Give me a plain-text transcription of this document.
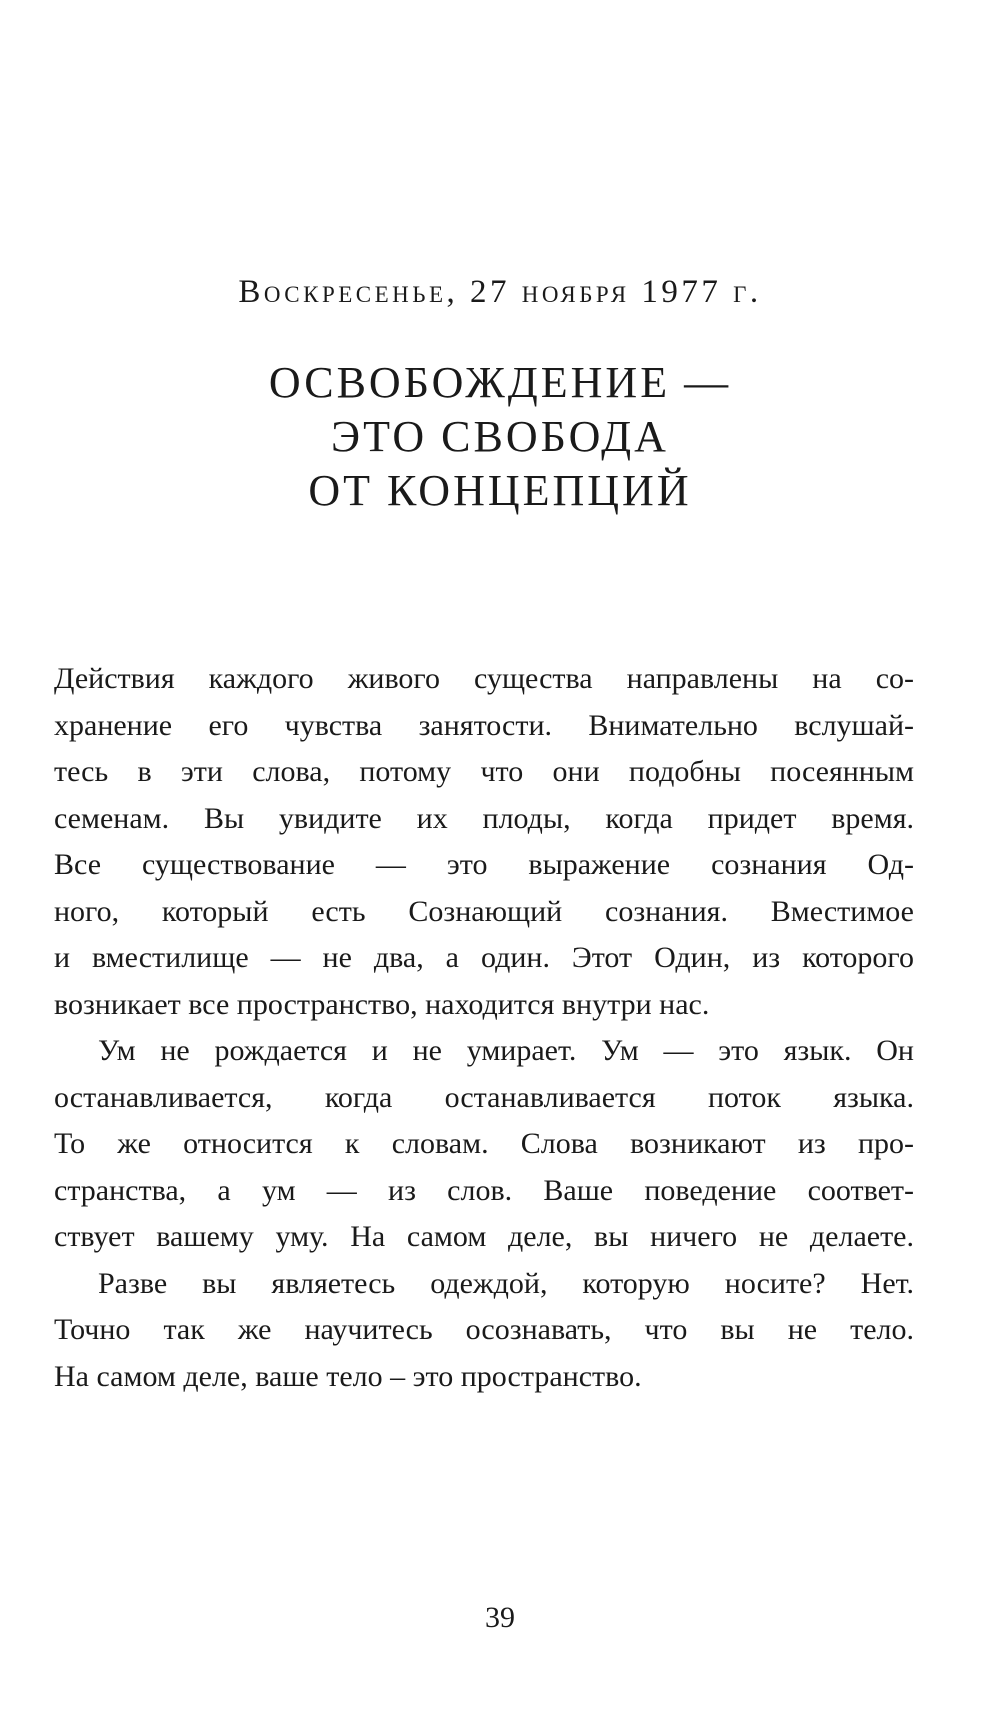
Воскресенье, 27 ноября 1977 г.
ОСВОБОЖДЕНИЕ —
ЭТО СВОБОДА
ОТ КОНЦЕПЦИЙ
Действия каждого живого существа направлены на со-
хранение его чувства занятости. Внимательно вслушай-
тесь в эти слова, потому что они подобны посеянным
семенам. Вы увидите их плоды, когда придет время.
Все существование — это выражение сознания Од-
ного, который есть Сознающий сознания. Вместимое
и вместилище — не два, а один. Этот Один, из которого
возникает все пространство, находится внутри нас.
Ум не рождается и не умирает. Ум — это язык. Он
останавливается, когда останавливается поток языка.
То же относится к словам. Слова возникают из про-
странства, а ум — из слов. Ваше поведение соответ-
ствует вашему уму. На самом деле, вы ничего не делаете.
Разве вы являетесь одеждой, которую носите? Нет.
Точно так же научитесь осознавать, что вы не тело.
На самом деле, ваше тело – это пространство.
39
